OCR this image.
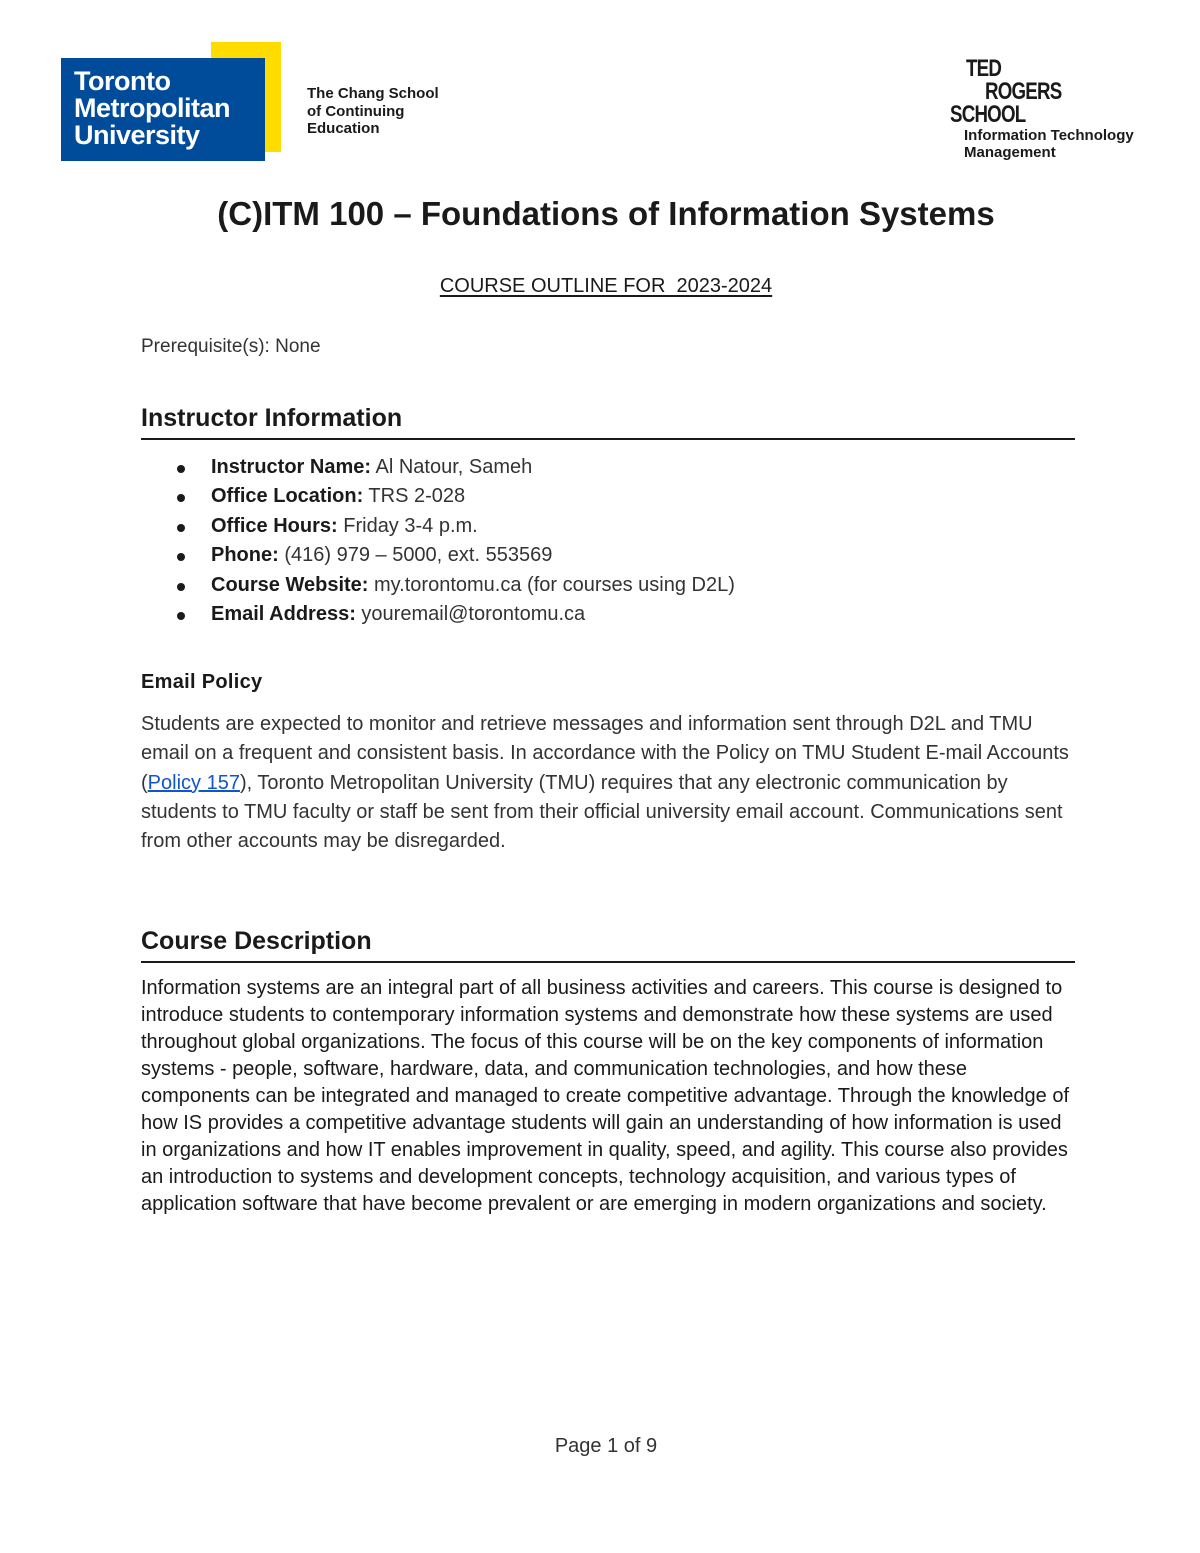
Toronto
Metropolitan
University
The Chang School
of Continuing
Education
TED
ROGERS
SCHOOL
Information Technology
Management
(C)ITM 100 – Foundations of Information Systems
COURSE OUTLINE FOR  2023-2024
Prerequisite(s): None
Instructor Information
Instructor Name: Al Natour, Sameh
Office Location: TRS 2-028
Office Hours: Friday 3-4 p.m.
Phone: (416) 979 – 5000, ext. 553569
Course Website: my.torontomu.ca (for courses using D2L)
Email Address: youremail@torontomu.ca
Email Policy

Students are expected to monitor and retrieve messages and information sent through D2L and TMU email on a frequent and consistent basis. In accordance with the Policy on TMU Student E-mail Accounts (Policy 157), Toronto Metropolitan University (TMU) requires that any electronic communication by students to TMU faculty or staff be sent from their official university email account. Communications sent from other accounts may be disregarded.

Course Description

Information systems are an integral part of all business activities and careers. This course is designed to introduce students to contemporary information systems and demonstrate how these systems are used throughout global organizations. The focus of this course will be on the key components of information systems - people, software, hardware, data, and communication technologies, and how these components can be integrated and managed to create competitive advantage. Through the knowledge of how IS provides a competitive advantage students will gain an understanding of how information is used in organizations and how IT enables improvement in quality, speed, and agility. This course also provides an introduction to systems and development concepts, technology acquisition, and various types of application software that have become prevalent or are emerging in modern organizations and society.

Page 1 of 9
